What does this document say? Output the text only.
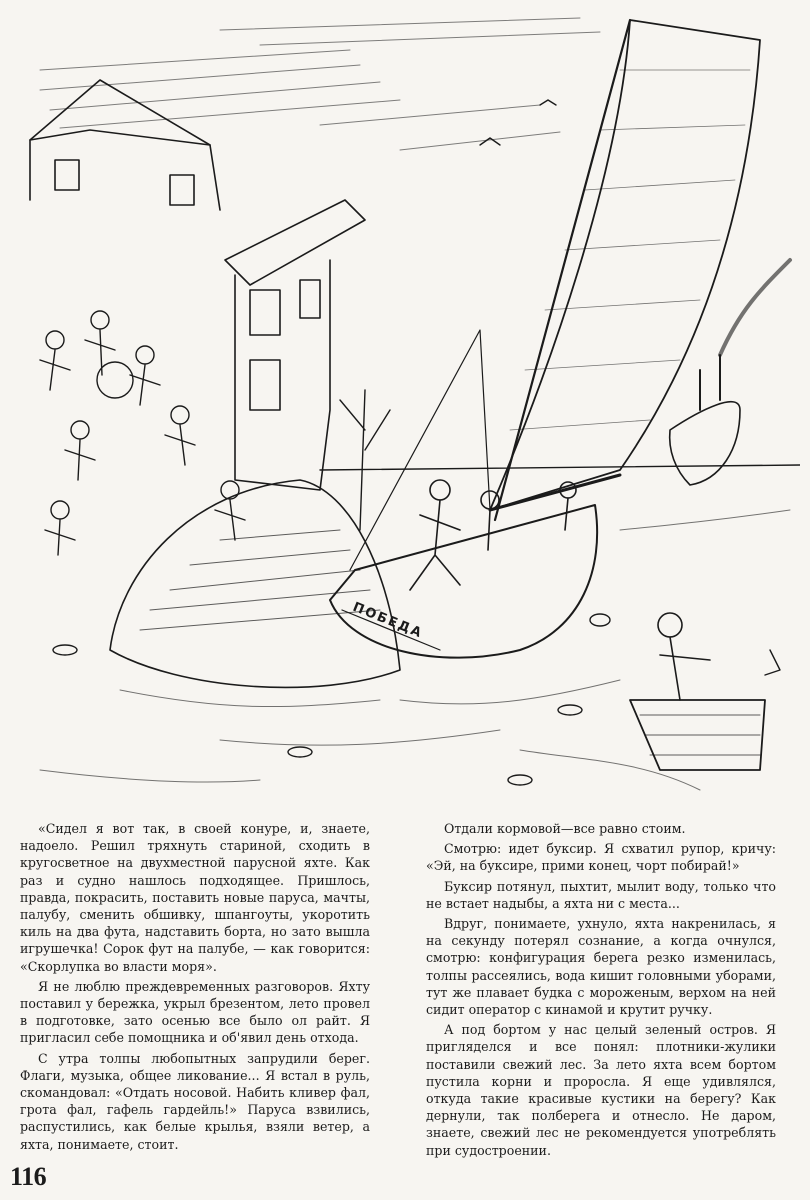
ПОБЕДА

«Сидел я вот так, в своей конуре, и, знаете, надоело. Решил тряхнуть стариной, сходить в кругосветное на двухместной парусной яхте. Как раз и судно нашлось подходящее. Пришлось, правда, покрасить, поставить новые паруса, мачты, палубу, сменить обшивку, шпангоуты, укоротить киль на два фута, надставить борта, но зато вышла игрушечка! Сорок фут на палубе, — как говорится: «Скорлупка во власти моря».

Я не люблю преждевременных разговоров. Яхту поставил у бережка, укрыл брезентом, лето провел в подготовке, зато осенью все было ол райт. Я пригласил себе помощника и об'явил день отхода.

С утра толпы любопытных запрудили берег. Флаги, музыка, общее ликование... Я встал в руль, скомандовал: «Отдать носовой. Набить кливер фал, грота фал, гафель гардейль!» Паруса взвились, распустились, как белые крылья, взяли ветер, а яхта, понимаете, стоит.

Отдали кормовой—все равно стоим.

Смотрю: идет буксир. Я схватил рупор, кричу: «Эй, на буксире, прими конец, чорт побирай!»

Буксир потянул, пыхтит, мылит воду, только что не встает надыбы, а яхта ни с места...

Вдруг, понимаете, ухнуло, яхта накренилась, я на секунду потерял сознание, а когда очнулся, смотрю: конфигурация берега резко изменилась, толпы рассеялись, вода кишит головными уборами, тут же плавает будка с мороженым, верхом на ней сидит оператор с кинамой и крутит ручку.

А под бортом у нас целый зеленый остров. Я пригляделся и все понял: плотники-жулики поставили свежий лес. За лето яхта всем бортом пустила корни и проросла. Я еще удивлялся, откуда такие красивые кустики на берегу? Как дернули, так полберега и отнесло. Не даром, знаете, свежий лес не рекомендуется употреблять при судостроении.

116
